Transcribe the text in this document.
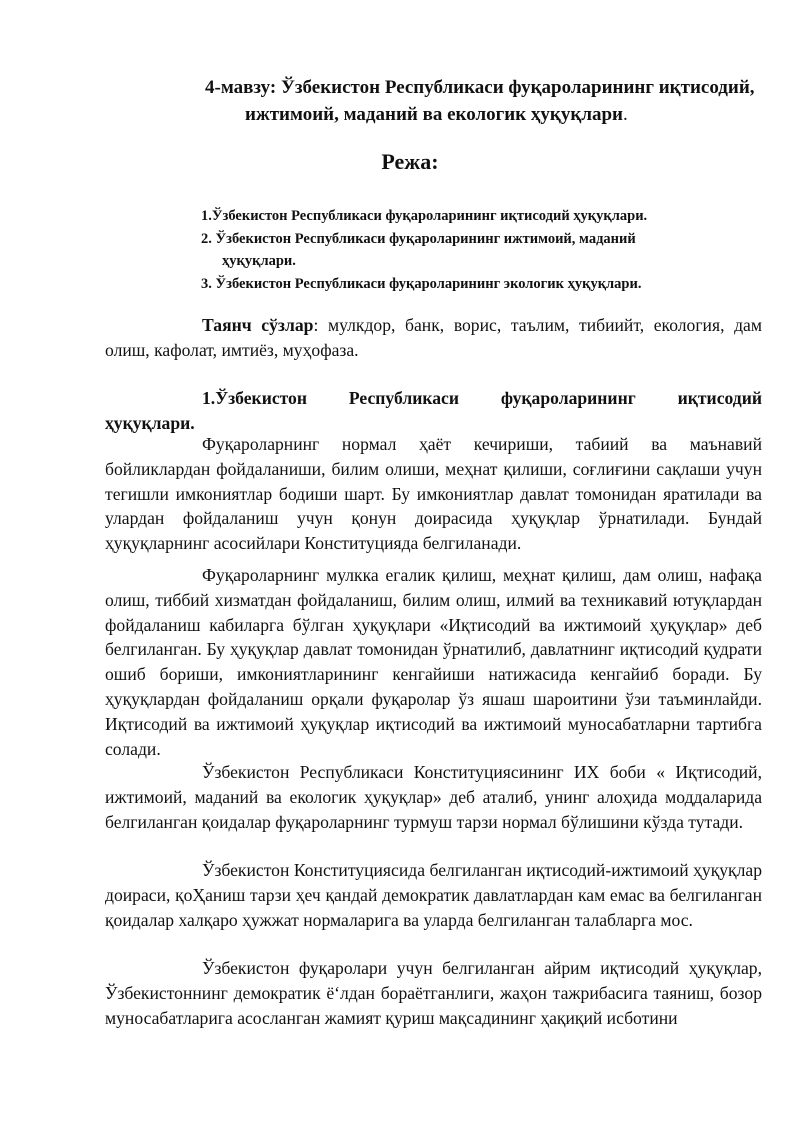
4-мавзу: Ўзбекистон Республикаси фуқароларининг иқтисодий,
ижтимоий, маданий ва екологик ҳуқуқлари.
Режа:
1.Ўзбекистон Республикаси фуқароларининг иқтисодий ҳуқуқлари.
2. Ўзбекистон Республикаси фуқароларининг ижтимоий, маданий
ҳуқуқлари.
3. Ўзбекистон Республикаси фуқароларининг экологик ҳуқуқлари.

Таянч сўзлар: мулкдор, банк, ворис, таълим, тибиийт, екология, дам олиш, кафолат, имтиёз, муҳофаза.

1.Ўзбекистон Республикаси фуқароларининг иқтисодий
ҳуқуқлари.

Фуқароларнинг нормал ҳаёт кечириши, табиий ва маънавий бойликлардан фойдаланиши, билим олиши, меҳнат қилиши, соғлиғини сақлаши учун тегишли имкониятлар бодиши шарт. Бу имкониятлар давлат томонидан яратилади ва улардан фойдаланиш учун қонун доирасида ҳуқуқлар ўрнатилади. Бундай ҳуқуқларнинг асосийлари Конституцияда белгиланади.

Фуқароларнинг мулкка егалик қилиш, меҳнат қилиш, дам олиш, нафақа олиш, тиббий хизматдан фойдаланиш, билим олиш, илмий ва техникавий ютуқлардан фойдаланиш кабиларга бўлган ҳуқуқлари «Иқтисодий ва ижтимоий ҳуқуқлар» деб белгиланган. Бу ҳуқуқлар давлат томонидан ўрнатилиб, давлатнинг иқтисодий қудрати ошиб бориши, имкониятларининг кенгайиши натижасида кенгайиб боради. Бу ҳуқуқлардан фойдаланиш орқали фуқаролар ўз яшаш шароитини ўзи таъминлайди. Иқтисодий ва ижтимоий ҳуқуқлар иқтисодий ва ижтимоий муносабатларни тартибга солади.

Ўзбекистон Республикаси Конституциясининг ИХ боби « Иқтисодий, ижтимоий, маданий ва екологик ҳуқуқлар» деб аталиб, унинг алоҳида моддаларида белгиланган қоидалар фуқароларнинг турмуш тарзи нормал бўлишини кўзда тутади.

Ўзбекистон Конституциясида белгиланган иқтисодий-ижтимоий ҳуқуқлар доираси, қоҲаниш тарзи ҳеч қандай демократик давлатлардан кам емас ва белгиланган қоидалар халқаро ҳужжат нормаларига ва уларда белгиланган талабларга мос.

Ўзбекистон фуқаролари учун белгиланган айрим иқтисодий ҳуқуқлар, Ўзбекистоннинг демократик ёʻлдан бораётганлиги, жаҳон тажрибасига таяниш, бозор муносабатларига асосланган жамият қуриш мақсадининг ҳақиқий исботини
